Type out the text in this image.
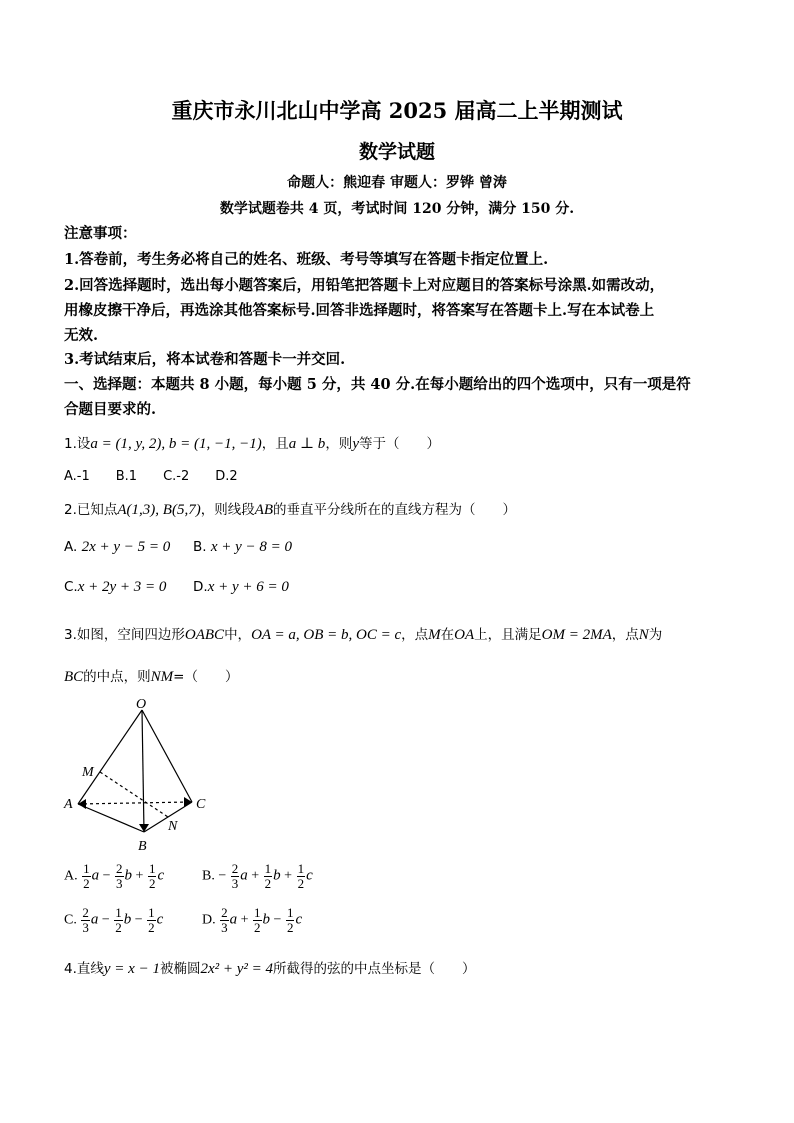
重庆市永川北山中学高 2025 届高二上半期测试
数学试题
命题人：熊迎春 审题人：罗铧 曾涛
数学试题卷共 4 页，考试时间 120 分钟，满分 150 分.
注意事项：
1.答卷前，考生务必将自己的姓名、班级、考号等填写在答题卡指定位置上.
2.回答选择题时，选出每小题答案后，用铅笔把答题卡上对应题目的答案标号涂黑.如需改动，
用橡皮擦干净后，再选涂其他答案标号.回答非选择题时，将答案写在答题卡上.写在本试卷上
无效.
3.考试结束后，将本试卷和答题卡一并交回.
一、选择题：本题共 8 小题，每小题 5 分，共 40 分.在每小题给出的四个选项中，只有一项是符
合题目要求的.
1.设a = (1, y, 2), b = (1, −1, −1)，且a ⊥ b，则y等于（　　）
A.-1　　B.1　　C.-2　　D.2
2.已知点A(1,3), B(5,7)，则线段AB的垂直平分线所在的直线方程为（　　）
A. 2x + y − 5 = 0 B. x + y − 8 = 0
C.x + 2y + 3 = 0 D.x + y + 6 = 0
3.如图，空间四边形OABC中，OA = a, OB = b, OC = c，点M在OA上，且满足OM = 2MA，点N为
BC的中点，则NM=（　　）
O
M
A	C
N
B
A. $\frac{1}{2}$ $a - \frac{2}{3}$ $b + \frac{1}{2}$ c	B. − $\frac{2}{3}$ $a + \frac{1}{2}$ $b + \frac{1}{2}$ c
C. $\frac{2}{3}$ $a - \frac{1}{2}$ $b - \frac{1}{2}$ c	D. $\frac{2}{3}$ $a + \frac{1}{2}$ $b - \frac{1}{2}$ c
4.直线y = x − 1被椭圆2x² + y² = 4所截得的弦的中点坐标是（　　）
